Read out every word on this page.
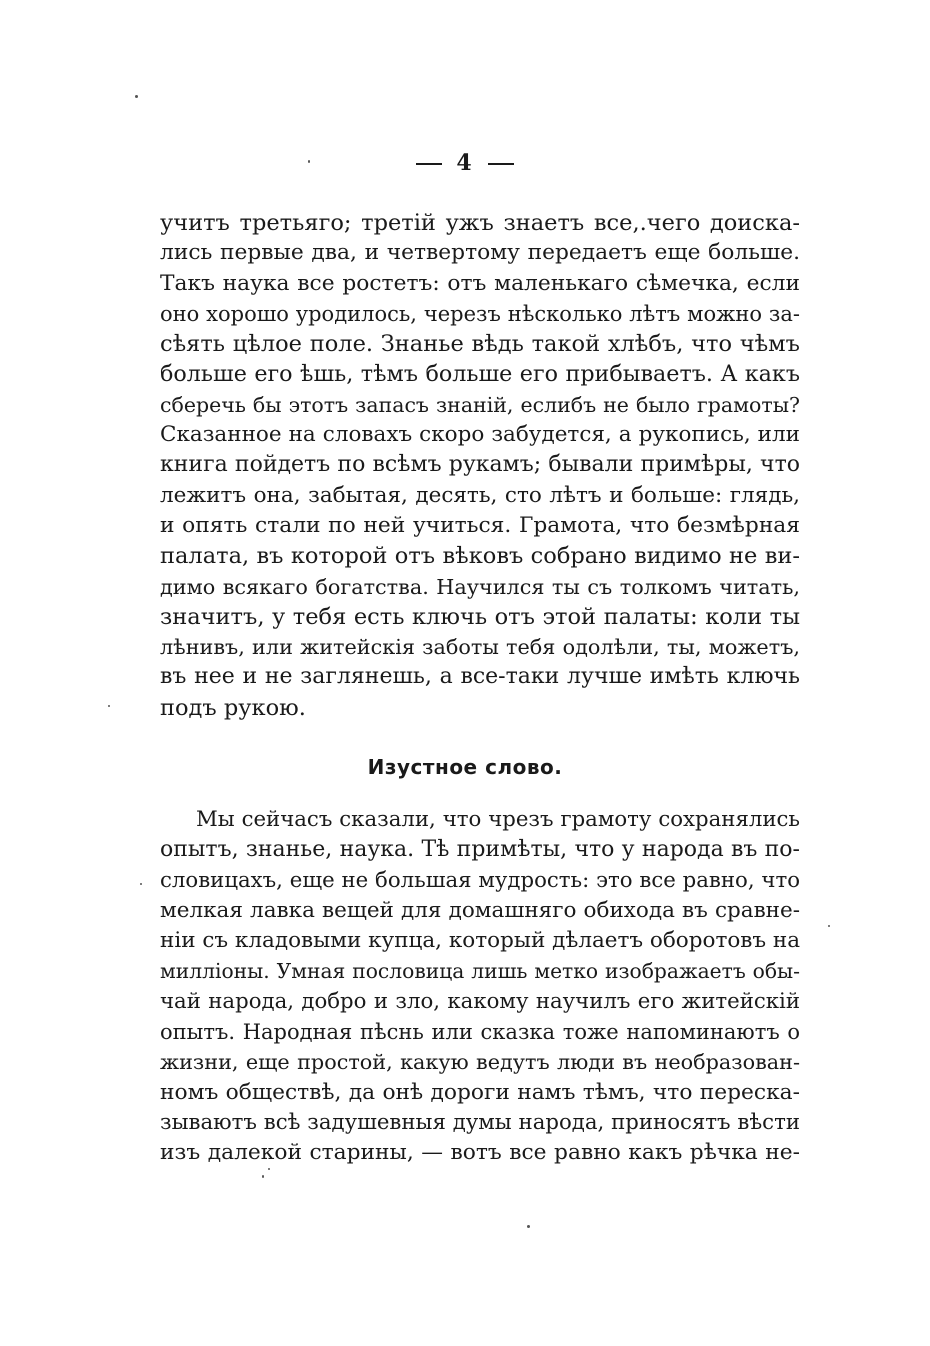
4
учитъ третьяго; третій ужъ знаетъ все,.чего доиска-
лись первые два, и четвертому передаетъ еще больше.
Такъ наука все ростетъ: отъ маленькаго сѣмечка, если
оно хорошо уродилось, черезъ нѣсколько лѣтъ можно за-
сѣять цѣлое поле. Знанье вѣдь такой хлѣбъ, что чѣмъ
больше его ѣшь, тѣмъ больше его прибываетъ. А какъ
сберечь бы этотъ запасъ знаній, еслибъ не было грамоты?
Сказанное на словахъ скоро забудется, а рукопись, или
книга пойдетъ по всѣмъ рукамъ; бывали примѣры, что
лежитъ она, забытая, десять, сто лѣтъ и больше: глядь,
и опять стали по ней учиться. Грамота, что безмѣрная
палата, въ которой отъ вѣковъ собрано видимо не ви-
димо всякаго богатства. Научился ты съ толкомъ читать,
значитъ, у тебя есть ключь отъ этой палаты: коли ты
лѣнивъ, или житейскія заботы тебя одолѣли, ты, можетъ,
въ нее и не заглянешь, а все-таки лучше имѣть ключь
подъ рукою.
Изустное слово.
Мы сейчасъ сказали, что чрезъ грамоту сохранялись
опытъ, знанье, наука. Тѣ примѣты, что у народа въ по-
словицахъ, еще не большая мудрость: это все равно, что
мелкая лавка вещей для домашняго обихода въ сравне-
ніи съ кладовыми купца, который дѣлаетъ оборотовъ на
милліоны. Умная пословица лишь метко изображаетъ обы-
чай народа, добро и зло, какому научилъ его житейскій
опытъ. Народная пѣснь или сказка тоже напоминаютъ о
жизни, еще простой, какую ведутъ люди въ необразован-
номъ обществѣ, да онѣ дороги намъ тѣмъ, что переска-
зываютъ всѣ задушевныя думы народа, приносятъ вѣсти
изъ далекой старины, — вотъ все равно какъ рѣчка не-
